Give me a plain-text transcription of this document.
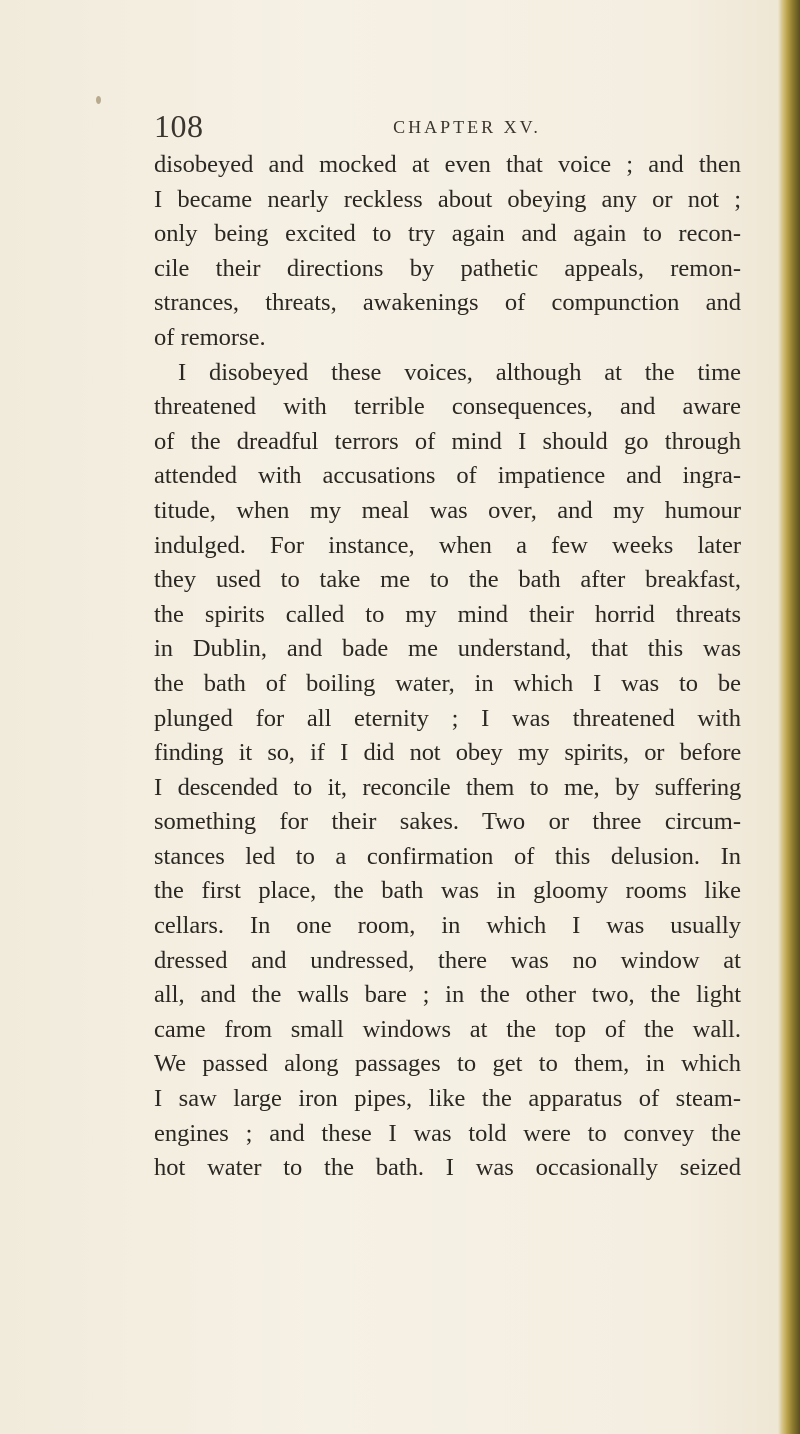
108	CHAPTER XV.
disobeyed and mocked at even that voice ; and then
I became nearly reckless about obeying any or not ;
only being excited to try again and again to recon-
cile their directions by pathetic appeals, remon-
strances, threats, awakenings of compunction and
of remorse.
I disobeyed these voices, although at the time
threatened with terrible consequences, and aware
of the dreadful terrors of mind I should go through
attended with accusations of impatience and ingra-
titude, when my meal was over, and my humour
indulged. For instance, when a few weeks later
they used to take me to the bath after breakfast,
the spirits called to my mind their horrid threats
in Dublin, and bade me understand, that this was
the bath of boiling water, in which I was to be
plunged for all eternity ; I was threatened with
finding it so, if I did not obey my spirits, or before
I descended to it, reconcile them to me, by suffering
something for their sakes. Two or three circum-
stances led to a confirmation of this delusion. In
the first place, the bath was in gloomy rooms like
cellars. In one room, in which I was usually
dressed and undressed, there was no window at
all, and the walls bare ; in the other two, the light
came from small windows at the top of the wall.
We passed along passages to get to them, in which
I saw large iron pipes, like the apparatus of steam-
engines ; and these I was told were to convey the
hot water to the bath. I was occasionally seized
